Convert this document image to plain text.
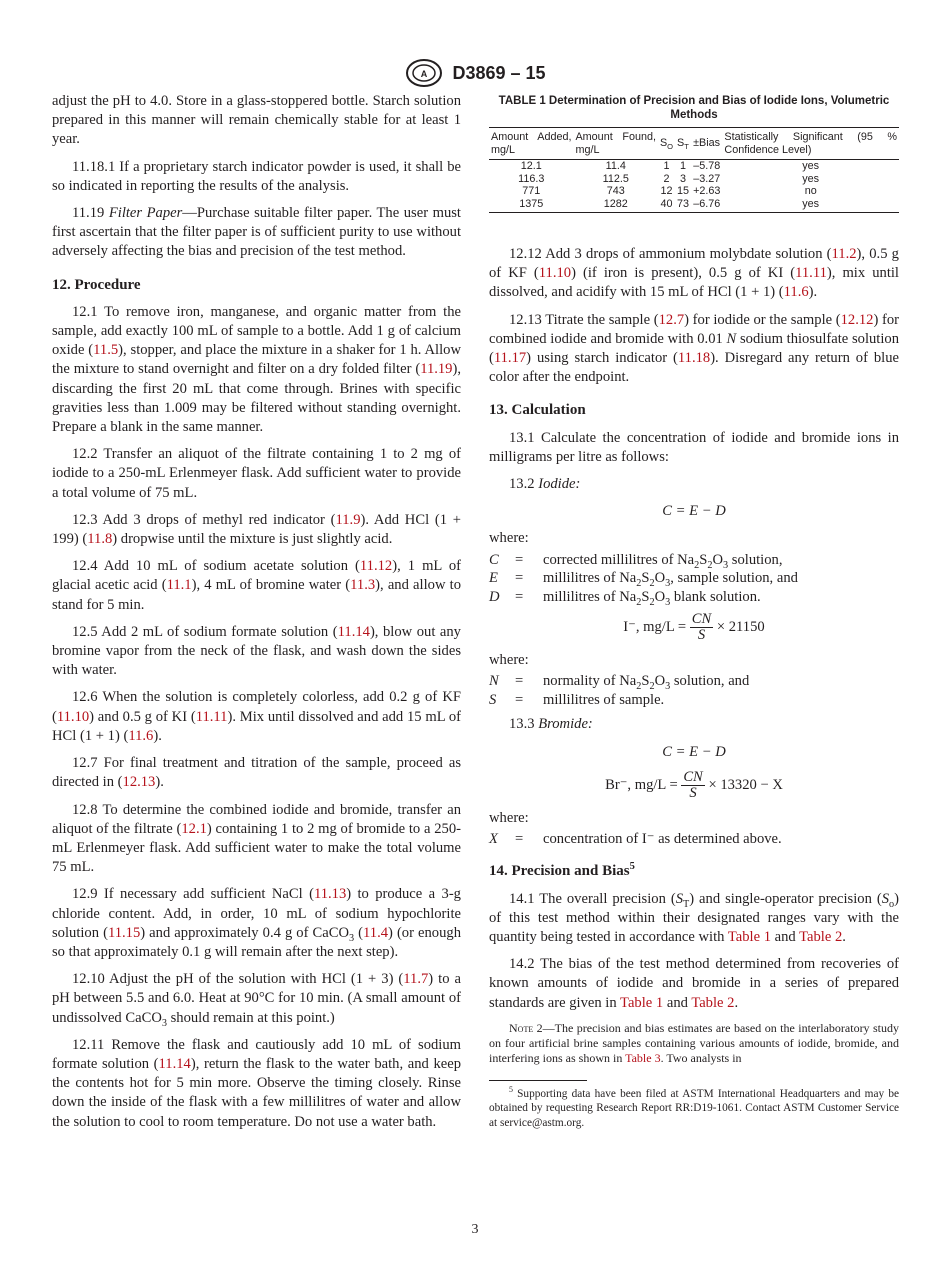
A D3869 – 15

adjust the pH to 4.0. Store in a glass-stoppered bottle. Starch solution prepared in this manner will remain chemically stable for at least 1 year.

11.18.1 If a proprietary starch indicator powder is used, it shall be so indicated in reporting the results of the analysis.

11.19 Filter Paper—Purchase suitable filter paper. The user must first ascertain that the filter paper is of sufficient purity to use without adversely affecting the bias and precision of the test method.

12. Procedure

12.1 To remove iron, manganese, and organic matter from the sample, add exactly 100 mL of sample to a bottle. Add 1 g of calcium oxide (11.5), stopper, and place the mixture in a shaker for 1 h. Allow the mixture to stand overnight and filter on a dry folded filter (11.19), discarding the first 20 mL that come through. Brines with specific gravities less than 1.009 may be filtered without standing overnight. Prepare a blank in the same manner.

12.2 Transfer an aliquot of the filtrate containing 1 to 2 mg of iodide to a 250-mL Erlenmeyer flask. Add sufficient water to provide a total volume of 75 mL.

12.3 Add 3 drops of methyl red indicator (11.9). Add HCl (1 + 199) (11.8) dropwise until the mixture is just slightly acid.

12.4 Add 10 mL of sodium acetate solution (11.12), 1 mL of glacial acetic acid (11.1), 4 mL of bromine water (11.3), and allow to stand for 5 min.

12.5 Add 2 mL of sodium formate solution (11.14), blow out any bromine vapor from the neck of the flask, and wash down the sides with water.

12.6 When the solution is completely colorless, add 0.2 g of KF (11.10) and 0.5 g of KI (11.11). Mix until dissolved and add 15 mL of HCl (1 + 1) (11.6).

12.7 For final treatment and titration of the sample, proceed as directed in (12.13).

12.8 To determine the combined iodide and bromide, transfer an aliquot of the filtrate (12.1) containing 1 to 2 mg of bromide to a 250-mL Erlenmeyer flask. Add sufficient water to make the total volume 75 mL.

12.9 If necessary add sufficient NaCl (11.13) to produce a 3-g chloride content. Add, in order, 10 mL of sodium hypochlorite solution (11.15) and approximately 0.4 g of CaCO$_3$ (11.4) (or enough so that approximately 0.1 g will remain after the next step).

12.10 Adjust the pH of the solution with HCl (1 + 3) (11.7) to a pH between 5.5 and 6.0. Heat at 90°C for 10 min. (A small amount of undissolved CaCO$_3$ should remain at this point.)

12.11 Remove the flask and cautiously add 10 mL of sodium formate solution (11.14), return the flask to the water bath, and keep the contents hot for 5 min more. Observe the timing closely. Rinse down the inside of the flask with a few millilitres of water and allow the solution to cool to room temperature. Do not use a water bath.

TABLE 1 Determination of Precision and Bias of Iodide Ions, Volumetric Methods
Amount Added, mg/L	Amount Found, mg/L	$S_O$	$S_T$	±Bias	Statistically Significant (95 % Confidence Level)
12.1	11.4	1	1	–5.78	yes
116.3	112.5	2	3	–3.27	yes
771	743	12	15	+2.63	no
1375	1282	40	73	–6.76	yes

12.12 Add 3 drops of ammonium molybdate solution (11.2), 0.5 g of KF (11.10) (if iron is present), 0.5 g of KI (11.11), mix until dissolved, and acidify with 15 mL of HCl (1 + 1) (11.6).

12.13 Titrate the sample (12.7) for iodide or the sample (12.12) for combined iodide and bromide with 0.01 N sodium thiosulfate solution (11.17) using starch indicator (11.18). Disregard any return of blue color after the endpoint.

13. Calculation

13.1 Calculate the concentration of iodide and bromide ions in milligrams per litre as follows:

13.2 Iodide:

C = E − D

where:

C	=	corrected millilitres of $Na_2S_2O_3$ solution,
E	=	millilitres of $Na_2S_2O_3$, sample solution, and
D	=	millilitres of $Na_2S_2O_3$ blank solution.
I⁻, $mg/L = \frac{CN}{S} \times 21150$

where:

N	=	normality of $Na_2S_2O_3$ solution, and
S	=	millilitres of sample.

13.3 Bromide:

C = E − D
Br⁻, $mg/L = \frac{CN}{S} \times 13320 - X$

where:

X	=	concentration of I⁻ as determined above.
14. Precision and Bias$^5$

14.1 The overall precision $(S_T)$ and single-operator precision $(S_o)$ of this test method within their designated ranges vary with the quantity being tested in accordance with Table 1 and Table 2.

14.2 The bias of the test method determined from recoveries of known amounts of iodide and bromide in a series of prepared standards are given in Table 1 and Table 2.

Note 2—The precision and bias estimates are based on the interlaboratory study on four artificial brine samples containing various amounts of iodide, bromide, and interfering ions as shown in Table 3. Two analysts in

$^5$ Supporting data have been filed at ASTM International Headquarters and may be obtained by requesting Research Report RR:D19-1061. Contact ASTM Customer Service at service@astm.org.

3
